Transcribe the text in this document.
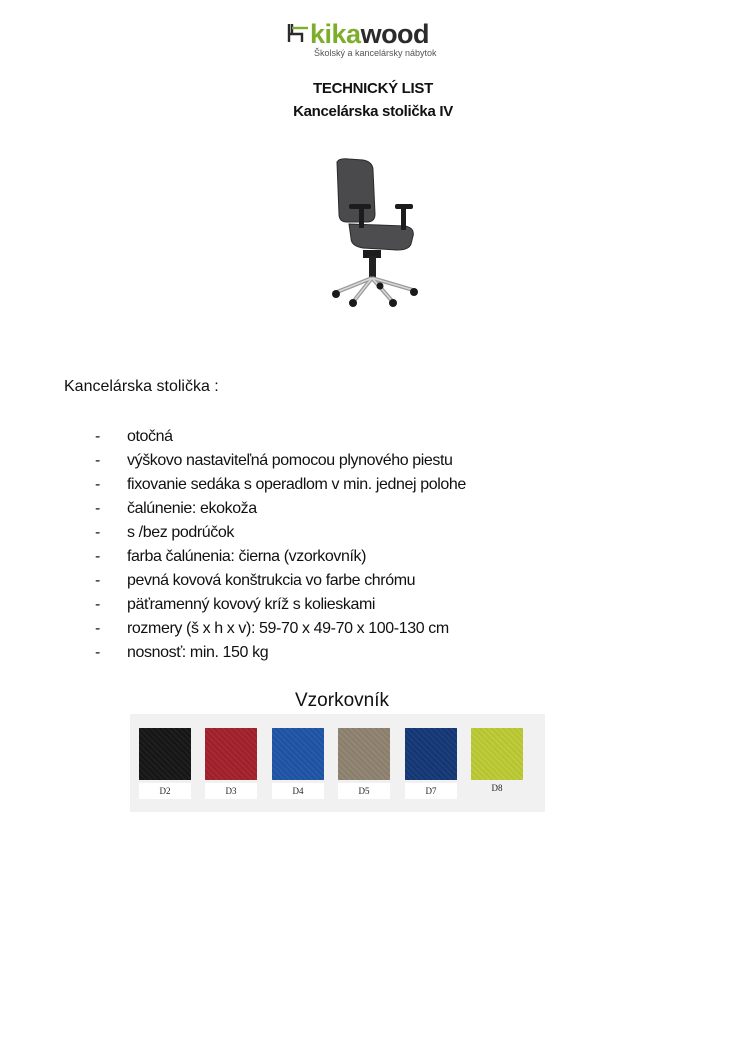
kikawood
Školský a kancelársky nábytok
TECHNICKÝ LIST
Kancelárska stolička IV
Kancelárska stolička :
- otočná
- výškovo nastaviteľná pomocou plynového piestu
- fixovanie sedáka s operadlom v min. jednej polohe
- čalúnenie: ekokoža
- s /bez podrúčok
- farba čalúnenia: čierna (vzorkovník)
- pevná kovová konštrukcia vo farbe chrómu
- päťramenný kovový kríž s kolieskami
- rozmery (š x h x v): 59-70 x 49-70 x 100-130 cm
- nosnosť: min. 150 kg
Vzorkovník
D2	D3	D4	D5	D7	D8
